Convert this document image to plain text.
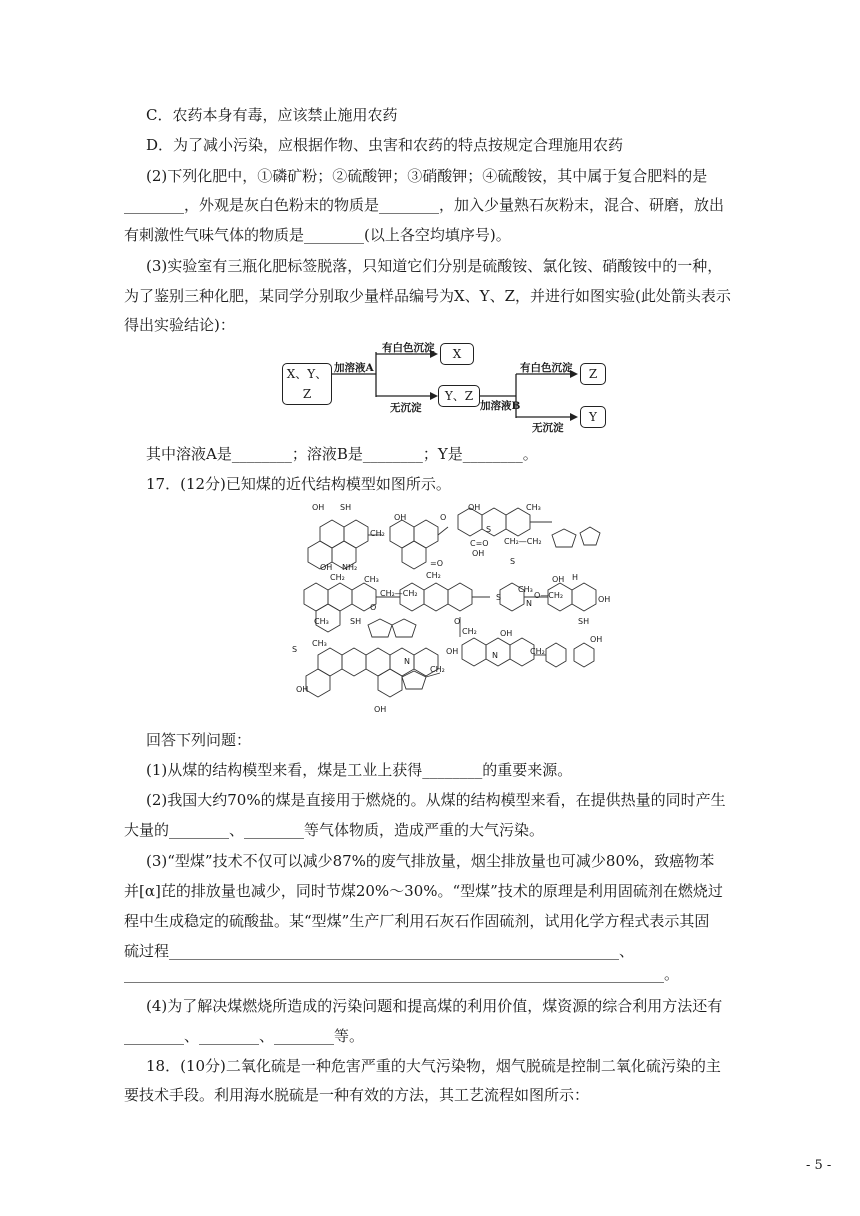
C．农药本身有毒，应该禁止施用农药
D．为了减小污染，应根据作物、虫害和农药的特点按规定合理施用农药
(2)下列化肥中，①磷矿粉；②硫酸钾；③硝酸钾；④硫酸铵，其中属于复合肥料的是
________，外观是灰白色粉末的物质是________，加入少量熟石灰粉末，混合、研磨，放出
有刺激性气味气体的物质是________(以上各空均填序号)。
(3)实验室有三瓶化肥标签脱落，只知道它们分别是硫酸铵、氯化铵、硝酸铵中的一种，
为了鉴别三种化肥，某同学分别取少量样品编号为X、Y、Z，并进行如图实验(此处箭头表示
得出实验结论)：
X、Y、Z
加溶液A
有白色沉淀	X
无沉淀
Y、Z
加溶液B
有白色沉淀	Z
无沉淀
Y
其中溶液A是________；溶液B是________；Y是________。
17．(12分)已知煤的近代结构模型如图所示。
OH SH
CH₂
OH NH₂
OH	O
=O
OH
S
C=O
OH
CH₃
CH₂—CH₂
S
CH₂ CH₃
CH₂—CH₂
CH₂
CH₃	SH
O
S
CH₃
N
O—CH₂
OH H
OH
SH
O
S
CH₃
N
OH
OH
CH₂
OH
OH
N	CH₂
OH
CH₂
回答下列问题：
(1)从煤的结构模型来看，煤是工业上获得________的重要来源。
(2)我国大约70%的煤是直接用于燃烧的。从煤的结构模型来看，在提供热量的同时产生
大量的________、________等气体物质，造成严重的大气污染。
(3)“型煤”技术不仅可以减少87%的废气排放量，烟尘排放量也可减少80%，致癌物苯
并[α]芘的排放量也减少，同时节煤20%～30%。“型煤”技术的原理是利用固硫剂在燃烧过
程中生成稳定的硫酸盐。某“型煤”生产厂利用石灰石作固硫剂，试用化学方程式表示其固
硫过程____________________________________________________________、
________________________________________________________________________。
(4)为了解决煤燃烧所造成的污染问题和提高煤的利用价值，煤资源的综合利用方法还有
________、________、________等。
18．(10分)二氧化硫是一种危害严重的大气污染物，烟气脱硫是控制二氧化硫污染的主
要技术手段。利用海水脱硫是一种有效的方法，其工艺流程如图所示：
- 5 -
